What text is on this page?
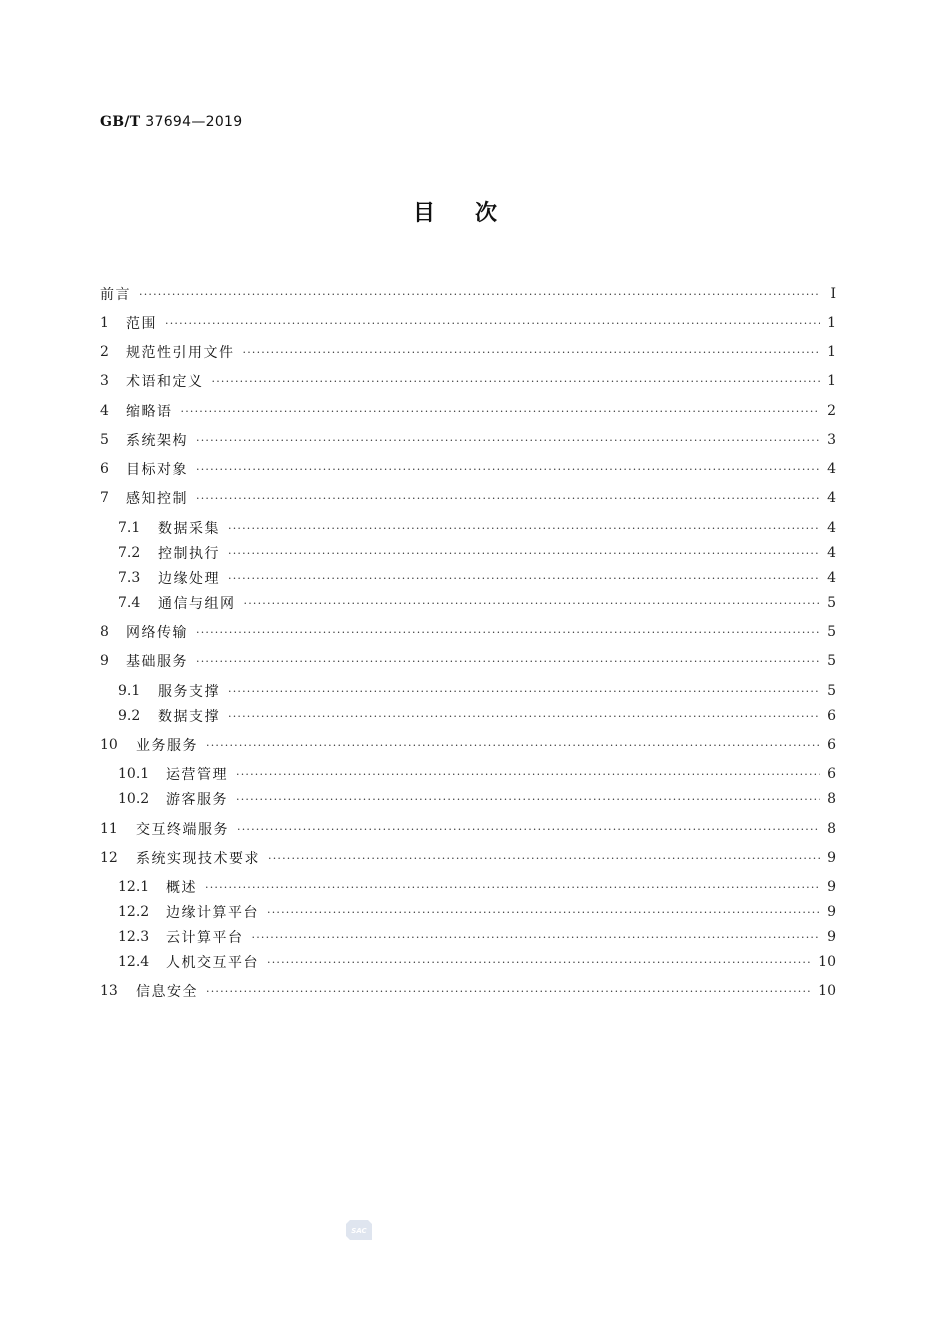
GB/T 37694—2019
目次
前言 ·····	I
1	范围 ·····	1
2	规范性引用文件 ·····	1
3	术语和定义 ·····	1
4	缩略语 ·····	2
5	系统架构 ·····	3
6	目标对象 ·····	4
7	感知控制 ·····	4
7.1	数据采集 ·····	4
7.2	控制执行 ·····	4
7.3	边缘处理 ·····	4
7.4	通信与组网 ·····	5
8	网络传输 ·····	5
9	基础服务 ·····	5
9.1	服务支撑 ·····	5
9.2	数据支撑 ·····	6
10	业务服务 ·····	6
10.1	运营管理 ·····	6
10.2	游客服务 ·····	8
11	交互终端服务 ·····	8
12	系统实现技术要求 ·····	9
12.1	概述 ·····	9
12.2	边缘计算平台 ·····	9
12.3	云计算平台 ·····	9
12.4	人机交互平台 ·····	10
13	信息安全 ·····	10
SAC
